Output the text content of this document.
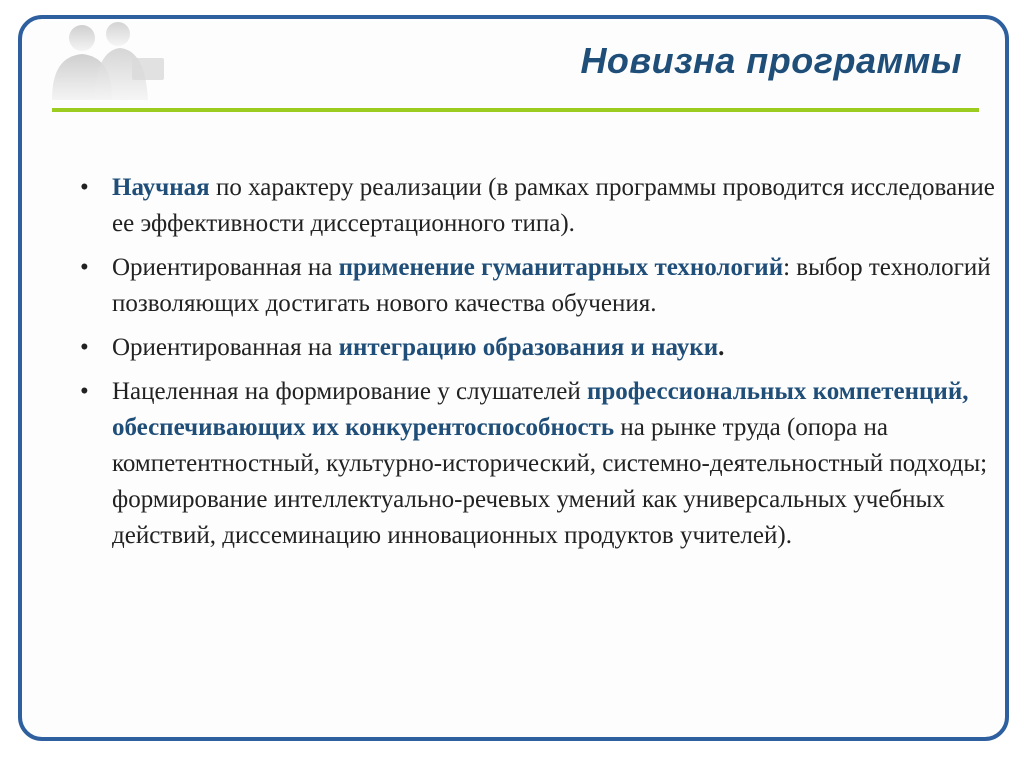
Новизна программы
• Научная по характеру реализации (в рамках программы проводится исследование ее эффективности диссертационного типа).
• Ориентированная на применение гуманитарных технологий: выбор технологий позволяющих достигать нового качества обучения.
• Ориентированная на интеграцию образования и науки.
• Нацеленная на формирование у слушателей профессиональных компетенций, обеспечивающих их конкурентоспособность на рынке труда (опора на компетентностный, культурно-исторический, системно-деятельностный подходы; формирование интеллектуально-речевых умений как универсальных учебных действий, диссеминацию инновационных продуктов учителей).
